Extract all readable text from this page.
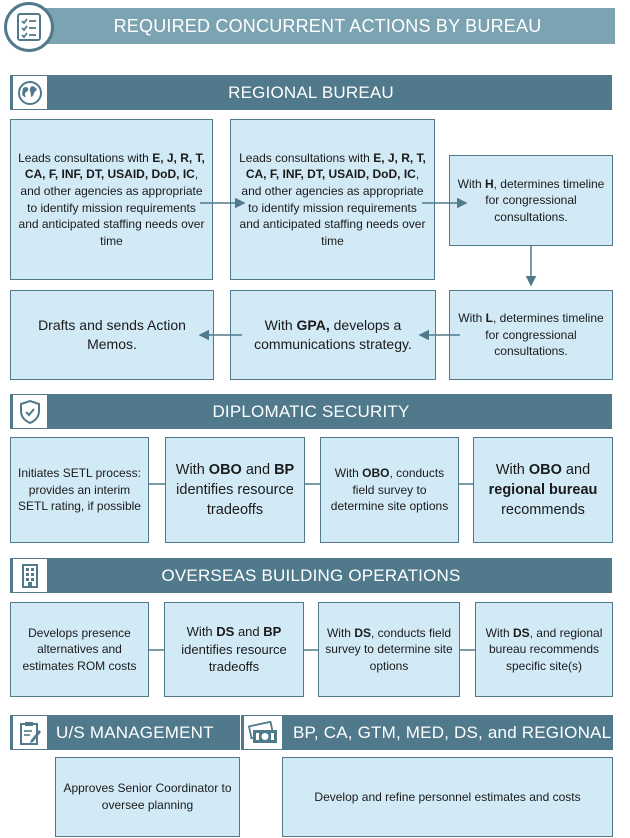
REQUIRED CONCURRENT ACTIONS BY BUREAU
REGIONAL BUREAU
Leads consultations with E, J, R, T, CA, F, INF, DT, USAID, DoD, IC, and other agencies as appropriate to identify mission requirements and anticipated staffing needs over time
Leads consultations with E, J, R, T, CA, F, INF, DT, USAID, DoD, IC, and other agencies as appropriate to identify mission requirements and anticipated staffing needs over time
With H, determines timeline for congressional consultations.
With L, determines timeline for congressional consultations.
With GPA, develops a communications strategy.
Drafts and sends Action Memos.
DIPLOMATIC SECURITY
Initiates SETL process: provides an interim SETL rating, if possible
With OBO and BP identifies resource tradeoffs
With OBO, conducts field survey to determine site options
With OBO and regional bureau recommends
OVERSEAS BUILDING OPERATIONS
Develops presence alternatives and estimates ROM costs
With DS and BP identifies resource tradeoffs
With DS, conducts field survey to determine site options
With DS, and regional bureau recommends specific site(s)
U/S MANAGEMENT	BP, CA, GTM, MED, DS, and REGIONAL
Approves Senior Coordinator to oversee planning
Develop and refine personnel estimates and costs
